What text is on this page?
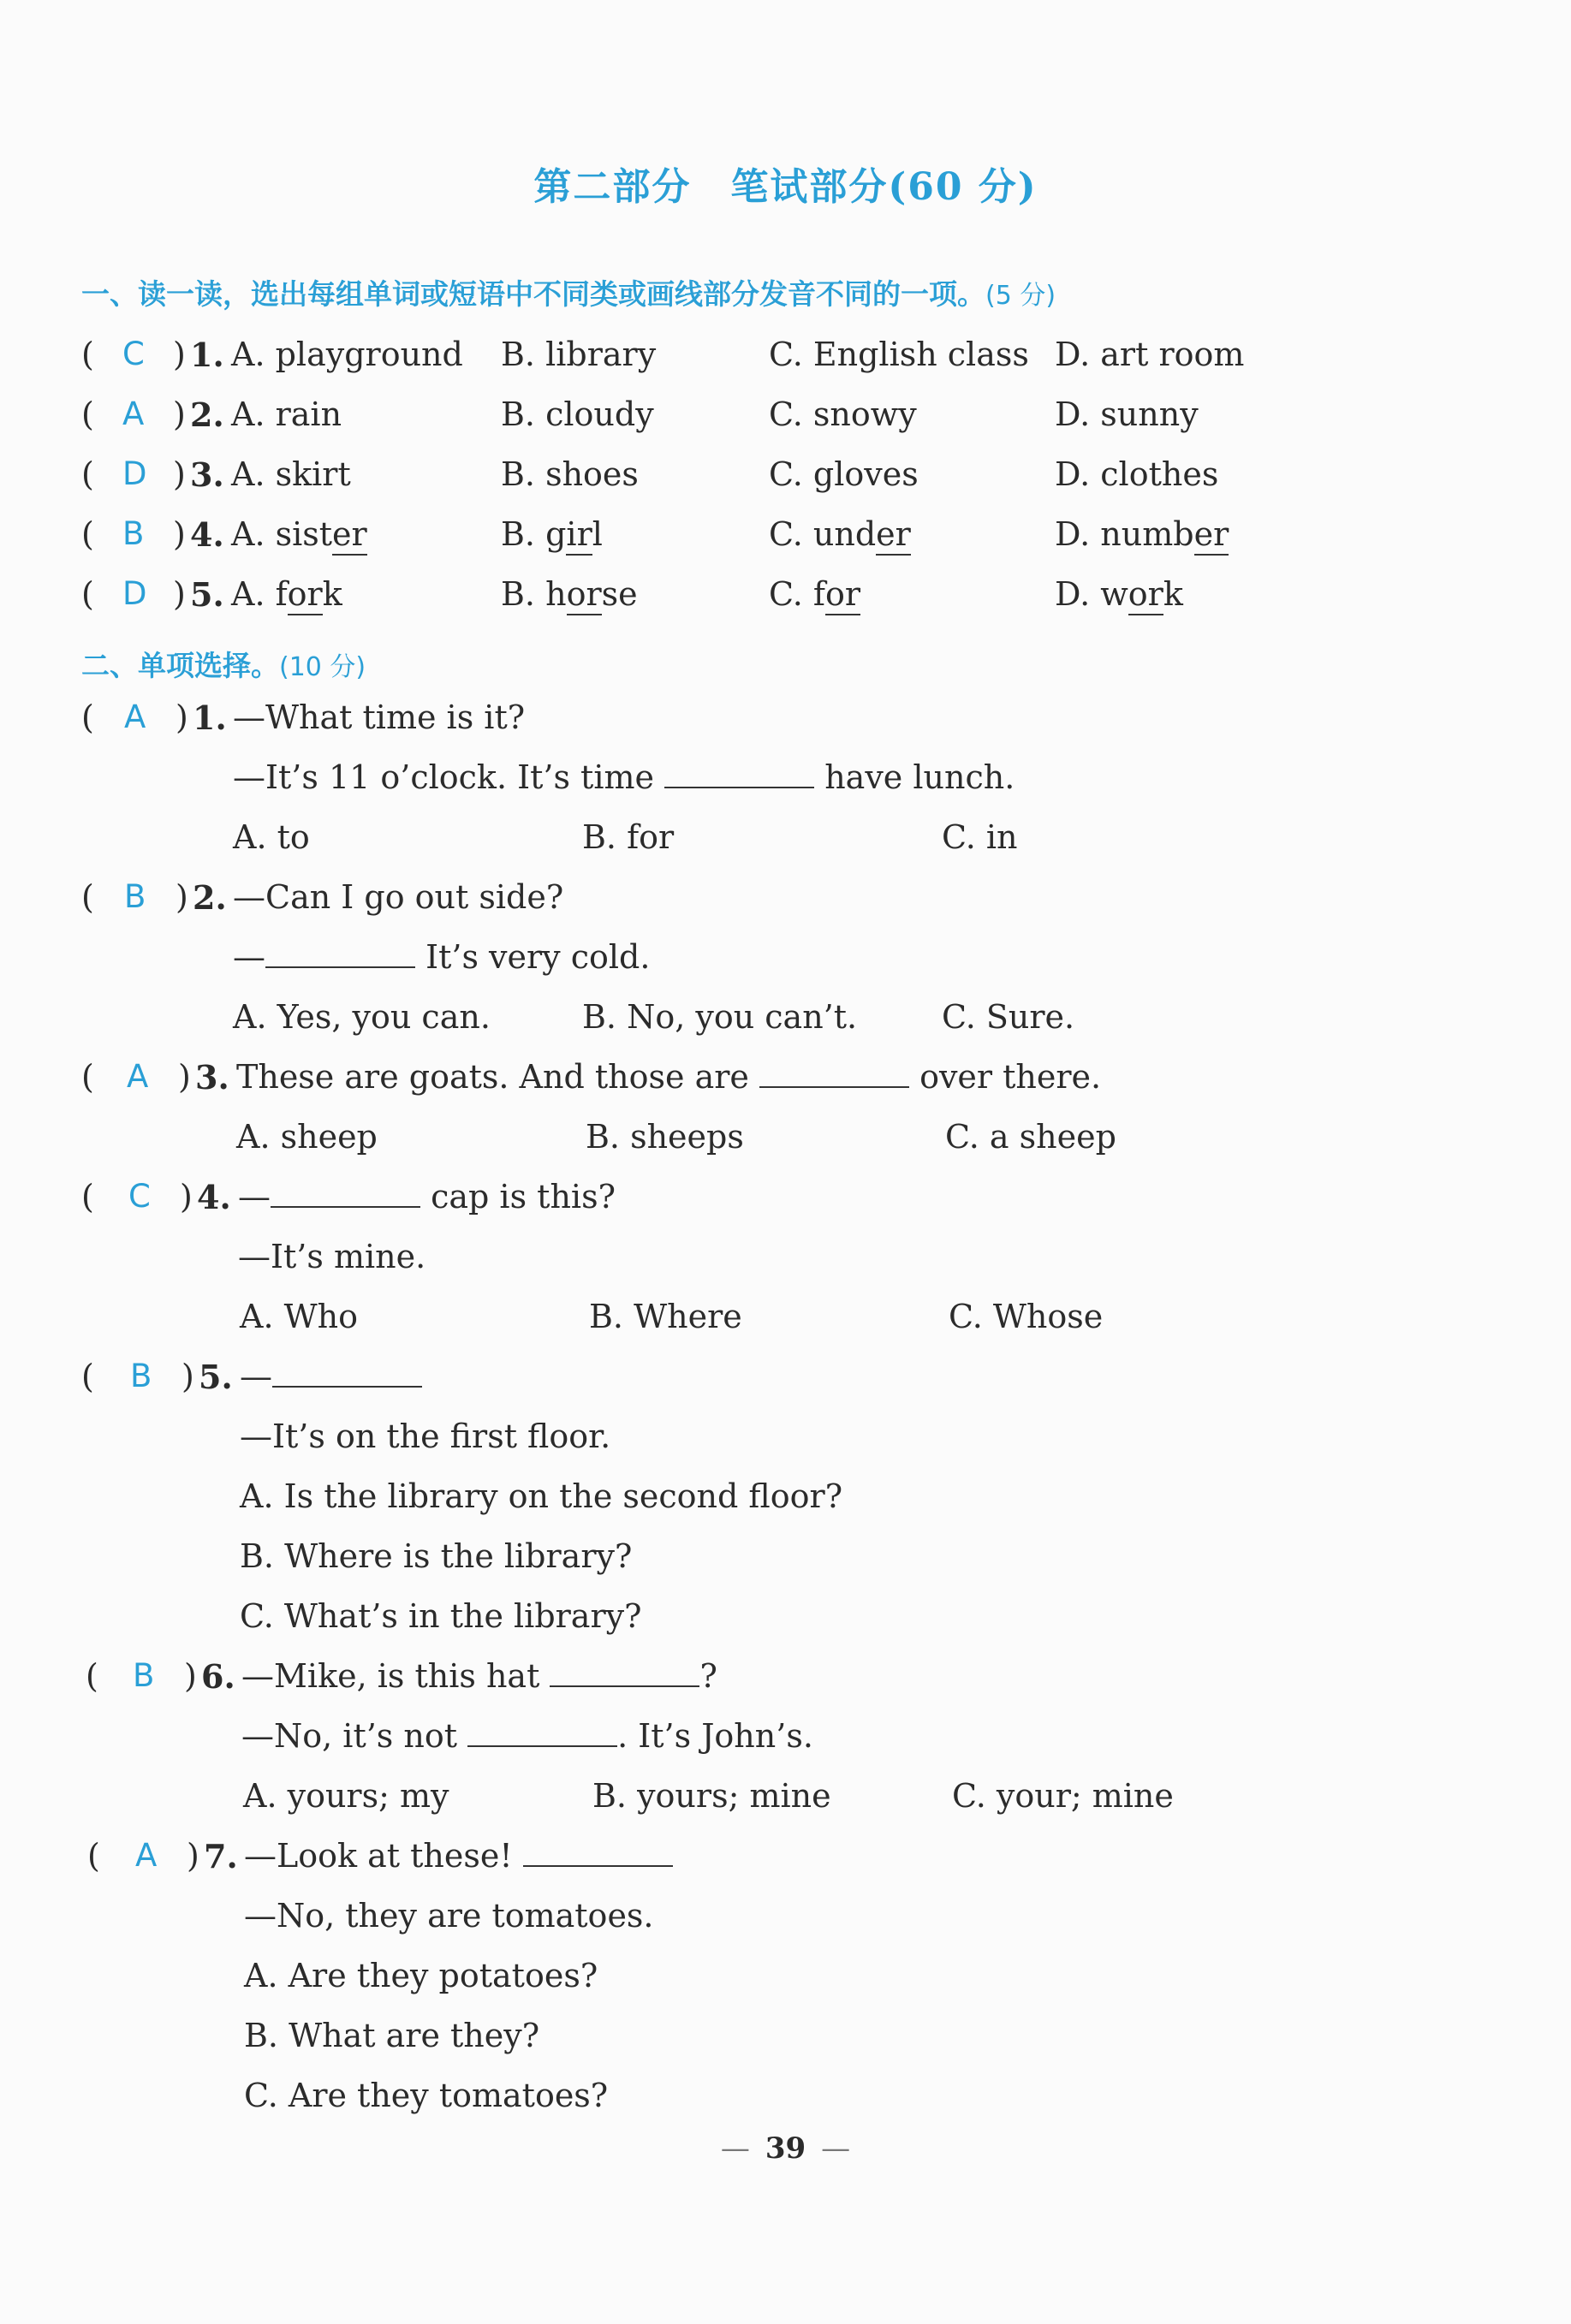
第二部分　笔试部分(60 分)
一、读一读，选出每组单词或短语中不同类或画线部分发音不同的一项。(5 分)
( C ) 1. A. playground B. library	C. English class D. art room
( A ) 2. A. rain	B. cloudy	C. snowy	D. sunny
( D ) 3. A. skirt	B. shoes	C. gloves	D. clothes
( B ) 4. A. sister	B. girl	C. under	D. number
( D ) 5. A. fork	B. horse	C. for	D. work
二、单项选择。(10 分)
( A ) 1. —What time is it?
—It’s 11 o’clock. It’s time	have lunch.
A. to	B. for	C. in
( B ) 2. —Can I go out side?
—	It’s very cold.
A. Yes, you can.	B. No, you can’t.	C. Sure.
( A ) 3. These are goats. And those are	over there.
A. sheep	B. sheeps	C. a sheep
( C ) 4. —	cap is this?
—It’s mine.
A. Who	B. Where	C. Whose
( B ) 5. —
—It’s on the first floor.
A. Is the library on the second floor?
B. Where is the library?
C. What’s in the library?
( B ) 6. —Mike, is this hat	?
—No, it’s not	. It’s John’s.
A. yours; my	B. yours; mine	C. your; mine
( A ) 7. —Look at these!
—No, they are tomatoes.
A. Are they potatoes?
B. What are they?
C. Are they tomatoes?
— 39 —
